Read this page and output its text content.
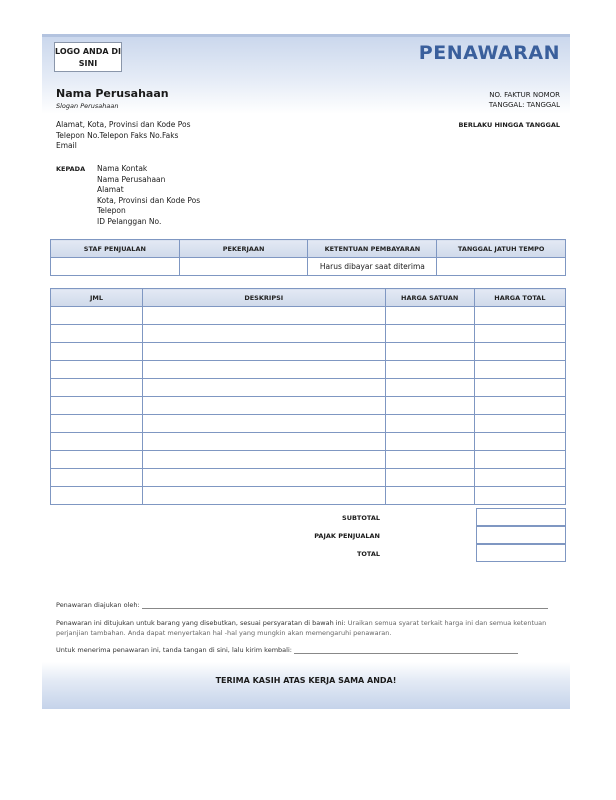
LOGO ANDA DI SINI	PENAWARAN
Nama Perusahaan
Slogan Perusahaan
NO. FAKTUR NOMOR
TANGGAL: TANGGAL
BERLAKU HINGGA TANGGAL
Alamat, Kota, Provinsi dan Kode Pos
Telepon No.Telepon Faks No.Faks
Email
KEPADA Nama Kontak
Nama Perusahaan
Alamat
Kota, Provinsi dan Kode Pos
Telepon
ID Pelanggan No.
STAF PENJUALAN	PEKERJAAN	KETENTUAN PEMBAYARAN	TANGGAL JATUH TEMPO
		Harus dibayar saat diterima	
JML	DESKRIPSI	HARGA SATUAN	HARGA TOTAL

SUBTOTAL
PAJAK PENJUALAN
TOTAL
Penawaran diajukan oleh:
Penawaran ini ditujukan untuk barang yang disebutkan, sesuai persyaratan di bawah ini: Uraikan semua syarat terkait harga ini dan semua ketentuan perjanjian tambahan. Anda dapat menyertakan hal -hal yang mungkin akan memengaruhi penawaran.
Untuk menerima penawaran ini, tanda tangan di sini, lalu kirim kembali:
TERIMA KASIH ATAS KERJA SAMA ANDA!
